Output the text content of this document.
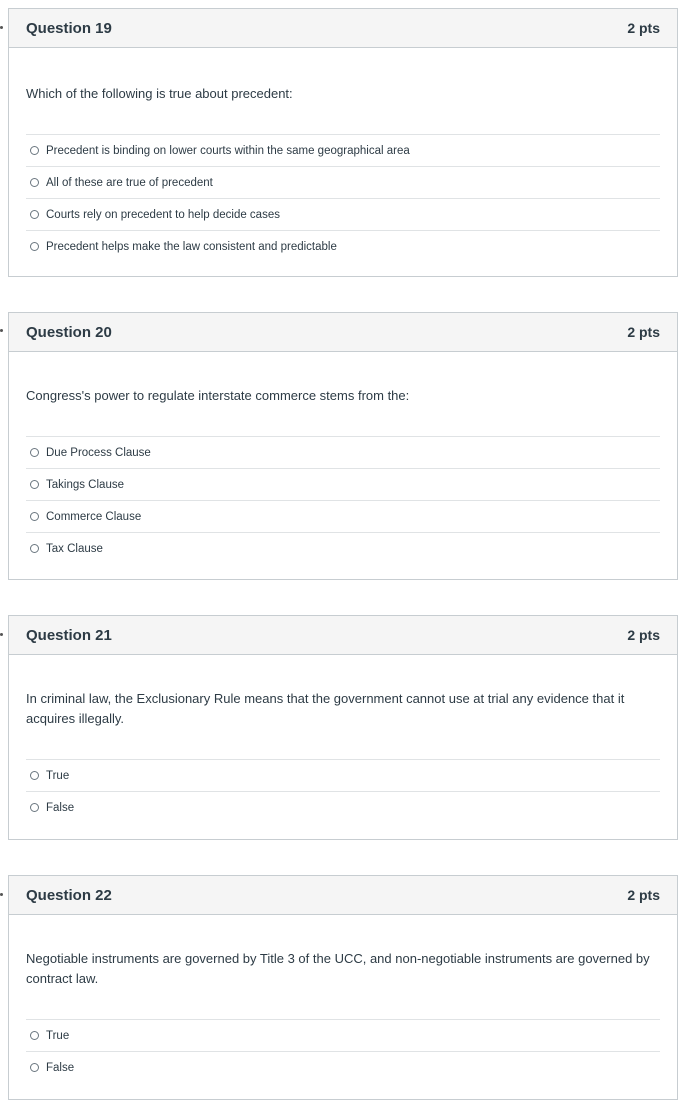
Question 19	2 pts

Which of the following is true about precedent:

Precedent is binding on lower courts within the same geographical area
All of these are true of precedent
Courts rely on precedent to help decide cases
Precedent helps make the law consistent and predictable
Question 20	2 pts

Congress's power to regulate interstate commerce stems from the:

Due Process Clause
Takings Clause
Commerce Clause
Tax Clause
Question 21	2 pts

In criminal law, the Exclusionary Rule means that the government cannot use at trial any evidence that it acquires illegally.

True
False
Question 22	2 pts

Negotiable instruments are governed by Title 3 of the UCC, and non-negotiable instruments are governed by contract law.

True
False
